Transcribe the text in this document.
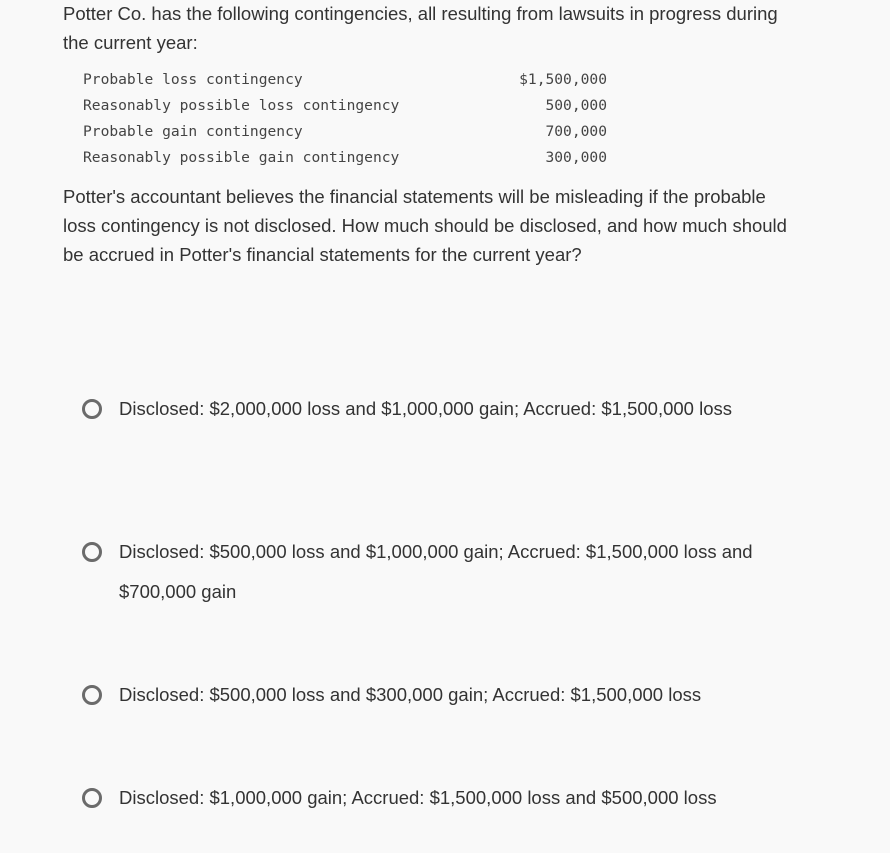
Potter Co. has the following contingencies, all resulting from lawsuits in progress during the current year:
Probable loss contingency	$1,500,000
Reasonably possible loss contingency	500,000
Probable gain contingency	700,000
Reasonably possible gain contingency	300,000
Potter's accountant believes the financial statements will be misleading if the probable loss contingency is not disclosed. How much should be disclosed, and how much should be accrued in Potter's financial statements for the current year?
Disclosed: $2,000,000 loss and $1,000,000 gain; Accrued: $1,500,000 loss
Disclosed: $500,000 loss and $1,000,000 gain; Accrued: $1,500,000 loss and $700,000 gain
Disclosed: $500,000 loss and $300,000 gain; Accrued: $1,500,000 loss
Disclosed: $1,000,000 gain; Accrued: $1,500,000 loss and $500,000 loss
